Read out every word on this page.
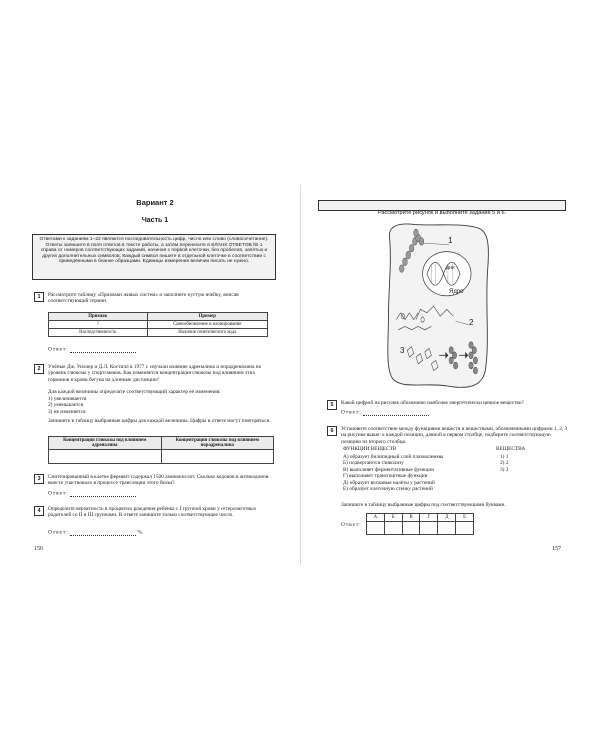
Вариант 2
Часть 1
Ответами к заданиям 1–22 являются последовательность цифр, число или слово (словосочетание). Ответы запишите в поля ответов в тексте работы, а затем перенесите в БЛАНК ОТВЕТОВ № 1 справа от номеров соответствующих заданий, начиная с первой клеточки, без пробелов, запятых и других дополнительных символов. Каждый символ пишите в отдельной клеточке в соответствии с приведёнными в бланке образцами. Единицы измерения величин писать не нужно.
1	Рассмотрите таблицу «Признаки живых систем» и заполните пустую ячейку, вписав соответствующий термин.
Признак	Пример
?	Самообновление и клонирование
Наследственность	Наличие генетического кода
Ответ:
2	Учёные Дж. Уиллер и Д.Л. Костилл в 1977 г. изучали влияние адреналина и норадреналина на уровень глюкозы у спортсменов. Как изменяется концентрация глюкозы под влиянием этих гормонов в крови бегуна на длинные дистанции?
Для каждой величины определите соответствующий характер её изменения:
1) увеличивается
2) уменьшается
3) не изменяется
Запишите в таблицу выбранные цифры для каждой величины. Цифры в ответе могут повторяться.
Концентрация глюкозы под влиянием адреналина	Концентрация глюкозы под влиянием норадреналина

3	Синтезированный в клетке фермент содержал 1500 аминокислот. Сколько кодонов в антикодонов вместе участвовало в процессе трансляции этого белка?
Ответ:
4	Определите вероятность в процентах рождения ребёнка с I группой крови у гетерозиготных родителей со II и III группами. В ответе запишите только соответствующее число.
Ответ:	%.
156
Рассмотрите рисунок и выполните задания 5 и 6.
1
2
3
ДНК
Ядро
5	Какой цифрой на рисунке обозначено наиболее энергетически ценное вещество?
Ответ:
6	Установите соответствие между функциями веществ и веществами, обозначенными цифрами 1, 2, 3 на рисунке выше: к каждой позиции, данной в первом столбце, подберите соответствующую позицию из второго столбца.
ФУНКЦИИ ВЕЩЕСТВ	ВЕЩЕСТВА
А) образует билипидный слой плазмалеммы
Б) подвергаются гликолизу
В) выполняет ферментативные функции
Г) выполняет транспортные функции
Д) образует восковые налёты у растений
Е) образует клеточную стенку растений
1) 1
2) 2
3) 3
Запишите в таблицу выбранные цифры под соответствующими буквами.
Ответ:
А	Б	В	Г	Д	Е

157
